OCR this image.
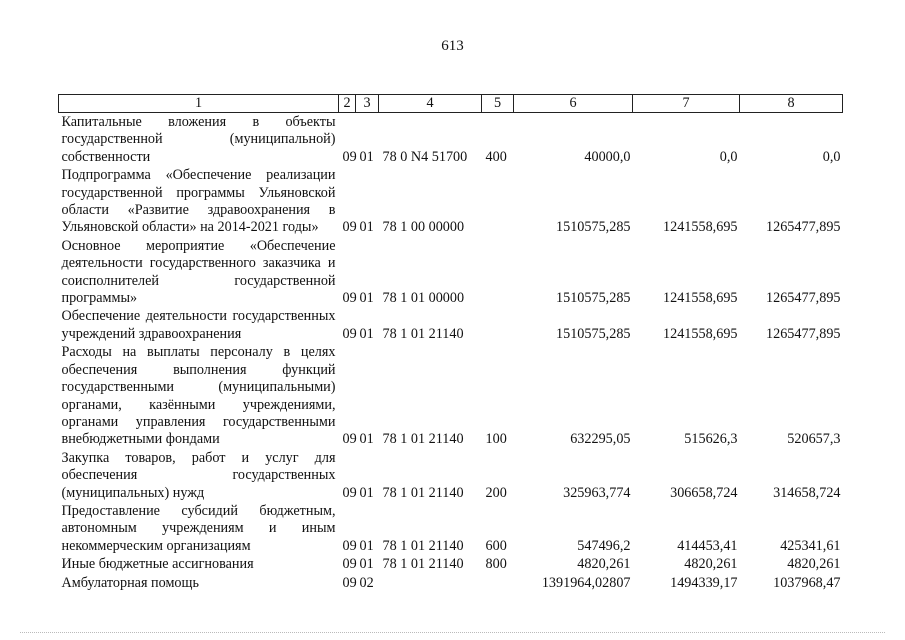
613
1	2	3	4	5	6	7	8
Капитальные вложения в объекты государственной (муниципальной) собственности	09	01	78 0 N4 51700	400	40000,0	0,0	0,0
Подпрограмма «Обеспечение реализации государственной программы Ульяновской области «Развитие здравоохранения в Ульяновской области» на 2014-2021 годы»	09	01	78 1 00 00000		1510575,285	1241558,695	1265477,895
Основное мероприятие «Обеспечение деятельности государственного заказчика и соисполнителей государственной программы»	09	01	78 1 01 00000		1510575,285	1241558,695	1265477,895
Обеспечение деятельности государственных учреждений здравоохранения	09	01	78 1 01 21140		1510575,285	1241558,695	1265477,895
Расходы на выплаты персоналу в целях обеспечения выполнения функций государственными (муниципальными) органами, казёнными учреждениями, органами управления государственными внебюджетными фондами	09	01	78 1 01 21140	100	632295,05	515626,3	520657,3
Закупка товаров, работ и услуг для обеспечения государственных (муниципальных) нужд	09	01	78 1 01 21140	200	325963,774	306658,724	314658,724
Предоставление субсидий бюджетным, автономным учреждениям и иным некоммерческим организациям	09	01	78 1 01 21140	600	547496,2	414453,41	425341,61
Иные бюджетные ассигнования	09	01	78 1 01 21140	800	4820,261	4820,261	4820,261
Амбулаторная помощь	09	02			1391964,02807	1494339,17	1037968,47
